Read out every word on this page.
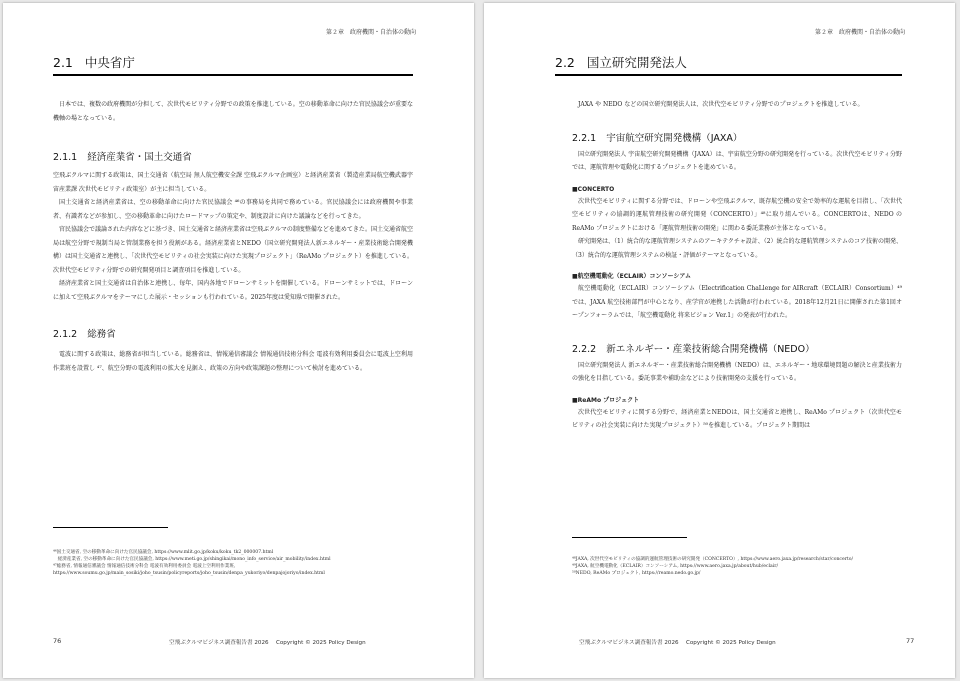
第２章　政府機関・自治体の動向
2.1 中央省庁

日本では、複数の政府機関が分担して、次世代モビリティ分野での政策を推進している。空の移動革命に向けた官民協議会が重要な機軸の場となっている。

2.1.1 経済産業省・国土交通省

空飛ぶクルマに関する政策は、国土交通省（航空局 無人航空機安全課 空飛ぶクルマ企画室）と経済産業省（製造産業局航空機武器宇宙産業課 次世代モビリティ政策室）が主に担当している。

国土交通省と経済産業省は、空の移動革命に向けた官民協議会 ⁴⁶の事務局を共同で務めている。官民協議会には政府機関や事業者、有識者などが参加し、空の移動革命に向けたロードマップの策定や、制度設計に向けた議論などを行ってきた。

官民協議会で議論された内容などに基づき、国土交通省と経済産業省は空飛ぶクルマの制度整備などを進めてきた。国土交通省航空局は航空分野で規制当局と管制業務を担う役割がある。経済産業省とNEDO（国立研究開発法人新エネルギー・産業技術総合開発機構）は国土交通省と連携し、「次世代空モビリティの社会実装に向けた実現プロジェクト」（ReAMo プロジェクト）を推進している。次世代空モビリティ分野での研究開発項目と調査項目を推進している。

経済産業省と国土交通省は自治体と連携し、毎年、国内各地でドローンサミットを開催している。ドローンサミットでは、ドローンに加えて空飛ぶクルマをテーマにした展示・セッションも行われている。2025年度は愛知県で開催された。

2.1.2 総務省

電波に関する政策は、総務省が担当している。総務省は、情報通信審議会 情報通信技術分科会 電波有効利用委員会に電波上空利用作業班を設置し ⁴⁷、航空分野の電波利用の拡大を見据え、政策の方向や政策課題の整理について検討を進めている。

⁴⁶国土交通省, 空の移動革命に向けた官民協議会, https://www.mlit.go.jp/koku/koku_tk2_000007.html
　経済産業省, 空の移動革命に向けた官民協議会, https://www.meti.go.jp/shingikai/mono_info_service/air_mobility/index.html
⁴⁷総務省, 情報通信審議会 情報通信技術分科会 電波有効利用委員会 電波上空利用作業班,
https://www.soumu.go.jp/main_sosiki/joho_tsusin/policyreports/joho_tsusin/denpa_yukoriyo/denpajojoriyo/index.html
76	空飛ぶクルマビジネス調査報告書 2026　 Copyright © 2025 Policy Design
第２章　政府機関・自治体の動向
2.2 国立研究開発法人

JAXA や NEDO などの国立研究開発法人は、次世代空モビリティ分野でのプロジェクトを推進している。

2.2.1 宇宙航空研究開発機構（JAXA）

国立研究開発法人 宇宙航空研究開発機構（JAXA）は、宇宙航空分野の研究開発を行っている。次世代空モビリティ分野では、運航管理や電動化に関するプロジェクトを進めている。

■CONCERTO

次世代空モビリティに関する分野では、ドローンや空飛ぶクルマ、既存航空機の安全で効率的な運航を目指し、「次世代空モビリティの協調的運航管理技術の研究開発（CONCERTO）」⁴⁸に取り組んでいる。CONCERTOは、NEDO の ReAMo プロジェクトにおける「運航管理技術の開発」に関わる委託業務が主体となっている。

研究開発は、（1）統合的な運航管理システムのアーキテクチャ設計、（2）統合的な運航管理システムのコア技術の開発、（3）統合的な運航管理システムの検証・評価がテーマとなっている。

■航空機電動化（ECLAIR）コンソーシアム

航空機電動化（ECLAIR）コンソーシアム（Electrification ChaLlenge for AIRcraft（ECLAIR）Consortium）⁴⁹では、JAXA 航空技術部門が中心となり、産学官が連携した活動が行われている。2018年12月21日に開催された第1回オープンフォーラムでは、「航空機電動化 将来ビジョン Ver.1」の発表が行われた。

2.2.2 新エネルギー・産業技術総合開発機構（NEDO）

国立研究開発法人 新エネルギー・産業技術総合開発機構（NEDO）は、エネルギー・地球環境問題の解決と産業技術力の強化を目指している。委託事業や補助金などにより技術開発の支援を行っている。

■ReAMo プロジェクト

次世代空モビリティに関する分野で、経済産業とNEDOは、国土交通省と連携し、ReAMo プロジェクト（次世代空モビリティの社会実装に向けた実現プロジェクト）⁵⁰を推進している。プロジェクト期間は

⁴⁸JAXA, 次世代空モビリティの協調的運航管理技術の研究開発（CONCERTO）, https://www.aero.jaxa.jp/research/star/concerto/
⁴⁹JAXA, 航空機電動化（ECLAIR）コンソーシアム, https://www.aero.jaxa.jp/about/hub/eclair/
⁵⁰NEDO, ReAMo プロジェクト, https://reamo.nedo.go.jp/
空飛ぶクルマビジネス調査報告書 2026　 Copyright © 2025 Policy Design	77
